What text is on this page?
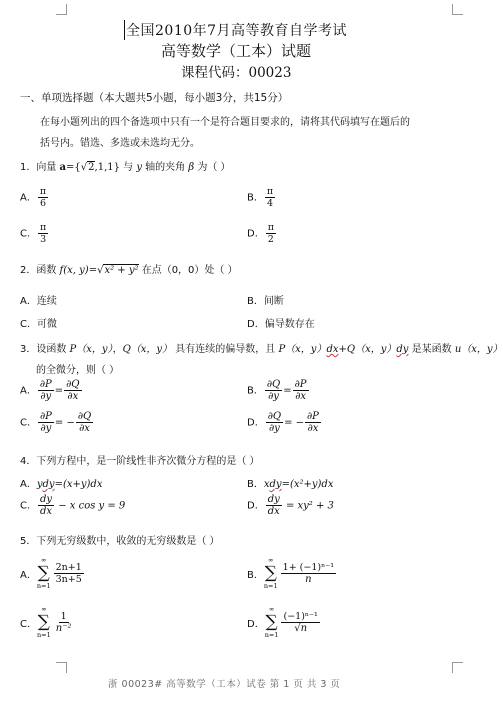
全国2010年7月高等教育自学考试
高等数学（工本）试题
课程代码：00023
一、单项选择题（本大题共5小题，每小题3分，共15分）
在每小题列出的四个备选项中只有一个是符合题目要求的，请将其代码填写在题后的
括号内。错选、多选或未选均无分。
1．向量 a={√2,1,1} 与 y 轴的夹角 β 为（ ）
A． $\frac{\pi}{6}$	B． $\frac{\pi}{4}$
C． $\frac{\pi}{3}$	D． $\frac{\pi}{2}$
2．函数 f(x, y)=√x² + y² 在点（0，0）处（ ）
A．连续	B．间断
C．可微	D．偏导数存在
3．设函数 P（x，y），Q（x，y） 具有连续的偏导数，且 P（x，y）dx+Q（x，y）dy 是某函数 u（x，y）
的全微分，则（ ）
A． $\frac{\partial P}{\partial y} = \frac{\partial Q}{\partial x}$	B． $\frac{\partial Q}{\partial y} = \frac{\partial P}{\partial x}$
C． $\frac{\partial P}{\partial y}$ = − $\frac{\partial Q}{\partial x}$	D． $\frac{\partial Q}{\partial y}$ = − $\frac{\partial P}{\partial x}$
4．下列方程中，是一阶线性非齐次微分方程的是（ ）
A．ydy=(x+y)dx	B．xdy=(x²+y)dx
C． $\frac{dy}{dx} - x$ cos y = 9	D． $\frac{dy}{dx} = xy^2 + 3$
5．下列无穷级数中，收敛的无穷级数是（ ）
A．
∞
∑
n=1
$\frac{2n+1}{3n+5}$	B．
∞
∑
n=1
$\frac{\text{1+ (−1)ⁿ⁻¹}}{n}$
C．
∞
∑
n=1
$\frac{1}{\text{n⁻²}}$	D．
∞
∑
n=1
$\frac{\text{(−1)ⁿ⁻¹}}{√n}$
浙 00023# 高等数学（工本）试卷 第 1 页 共 3 页
